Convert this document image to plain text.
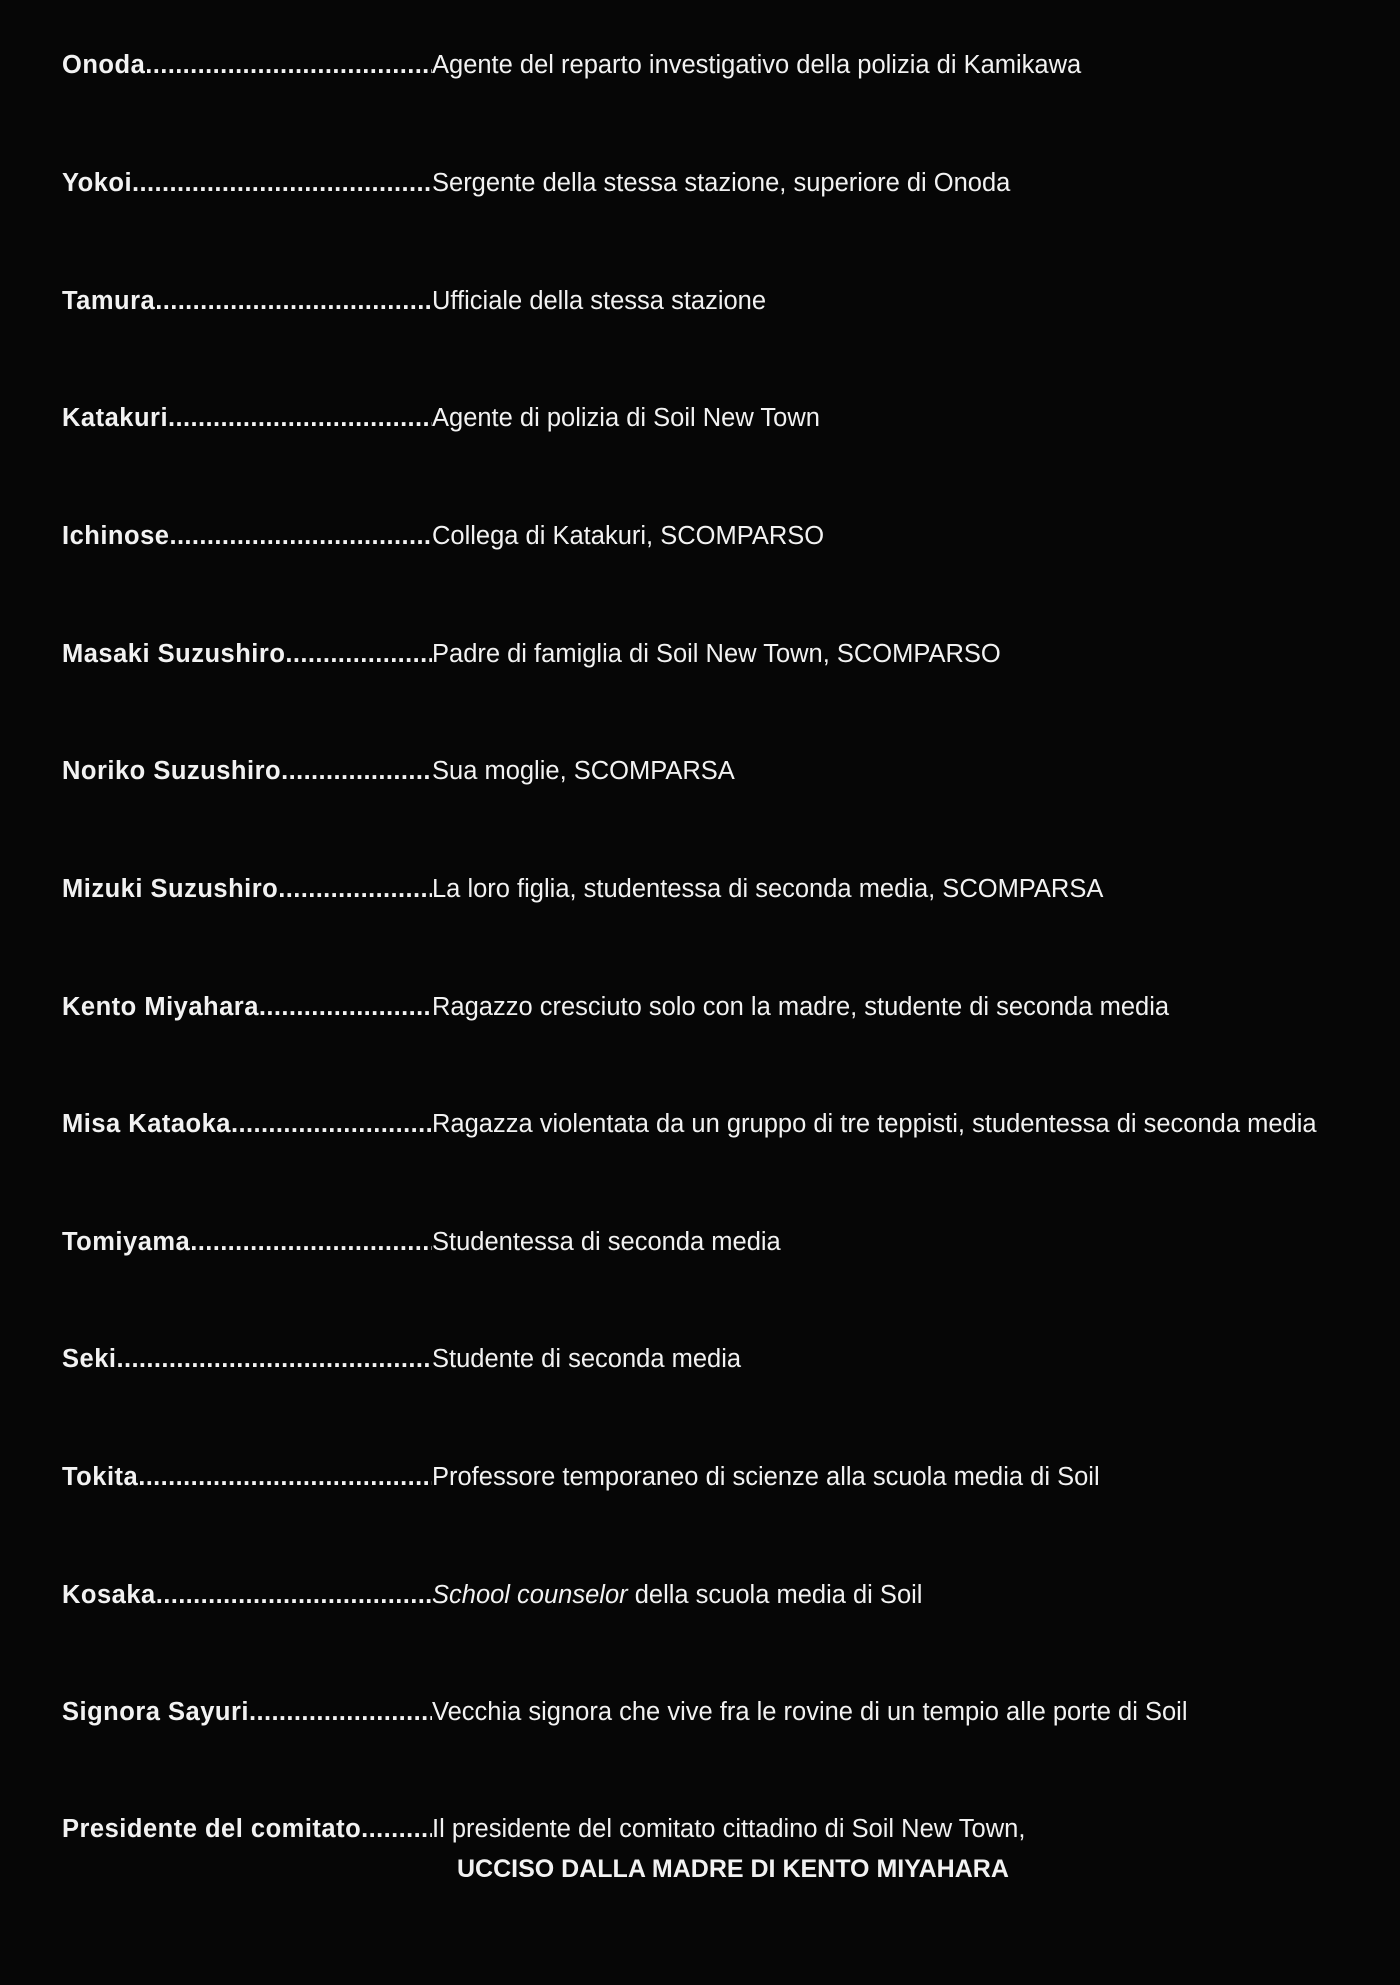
Onoda .....	Agente del reparto investigativo della polizia di Kamikawa
Yokoi .....	Sergente della stessa stazione, superiore di Onoda
Tamura .....	Ufficiale della stessa stazione
Katakuri .....	Agente di polizia di Soil New Town
Ichinose .....	Collega di Katakuri, SCOMPARSO
Masaki Suzushiro .....	Padre di famiglia di Soil New Town, SCOMPARSO
Noriko Suzushiro .....	Sua moglie, SCOMPARSA
Mizuki Suzushiro .....	La loro figlia, studentessa di seconda media, SCOMPARSA
Kento Miyahara .....	Ragazzo cresciuto solo con la madre, studente di seconda media
Misa Kataoka .....	Ragazza violentata da un gruppo di tre teppisti, studentessa di seconda media
Tomiyama .....	Studentessa di seconda media
Seki .....	Studente di seconda media
Tokita .....	Professore temporaneo di scienze alla scuola media di Soil
Kosaka .....	School counselor della scuola media di Soil
Signora Sayuri .....	Vecchia signora che vive fra le rovine di un tempio alle porte di Soil
Presidente del comitato .....	Il presidente del comitato cittadino di Soil New Town,
UCCISO DALLA MADRE DI KENTO MIYAHARA
